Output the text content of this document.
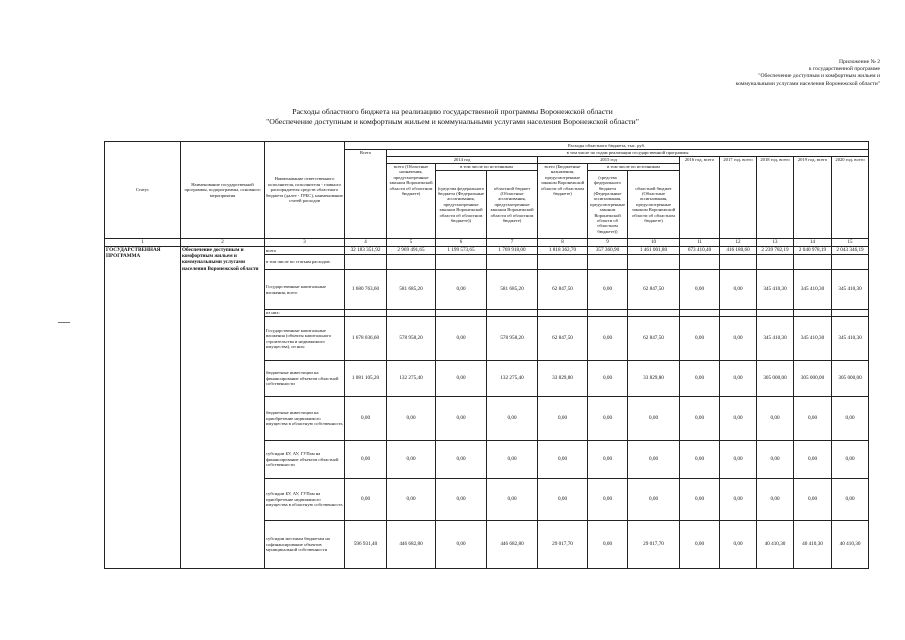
Приложение № 2
к государственной программе
"Обеспечение доступным и комфортным жильем и
коммунальными услугами населения Воронежской области"
Расходы областного бюджета на реализацию государственной программы Воронежской области
"Обеспечение доступным и комфортным жильем и коммунальными услугами населения Воронежской области"
Статус	Наименование государственной программы, подпрограммы, основного мероприятия	Наименование ответственного исполнителя, исполнителя - главного распорядителя средств областного бюджета (далее - ГРБС), наименование статей расходов	Расходы областного бюджета, тыс. руб.											
			Всего	в том числе по годам реализации государственной программы										
				2014 год			2015 год			2016 год, всего	2017 год, всего	2018 год, всего	2019 год, всего	2020 год, всего
				всего (Областные назначения, предусмотренные законом Воронежской области об областном бюджете)	в том числе по источникам		всего (Бюджетные назначения, предусмотренные законом Воронежской области об областном бюджете)	в том числе по источникам						
					(средства федерального бюджета (Федеральные ассигнования, предусмотренные законом Воронежской области об областном бюджете))	областной бюджет (Областные ассигнования, предусмотренные законом Воронежской области об областном бюджете)		(средства федерального бюджета (Федеральные ассигнования, предусмотренные законом Воронежской области об областном бюджете))	областной бюджет (Областные ассигнования, предусмотренные законом Воронежской области об областном бюджете)					
1	2	3	4	5	6	7	8	9	10	11	12	13	14	15
ГОСУДАРСТВЕННАЯ ПРОГРАММА	Обеспечение доступным и комфортным жильем и коммунальными услугами населения Воронежской области	всего	32 183 351,92	2 969 491,65	1 199 573,65	1 769 918,00	1 818 362,70	357 360,90	1 461 001,80	673 410,40	416 180,60	2 239 782,19	2 040 978,19	2 043 346,19
		в том числе по статьям расходов:												
		Государственные капитальные вложения, всего	1 680 763,60	581 685,20	0,00	581 685,20	62 847,50	0,00	62 847,50	0,00	0,00	345 410,30	345 410,30	345 410,30
		из них:												
		Государственные капитальные вложения (объекты капитального строительства и недвижимого имущества), из них:	1 678 036,60	578 958,20	0,00	578 958,20	62 847,50	0,00	62 847,50	0,00	0,00	345 410,30	345 410,30	345 410,30
		бюджетные инвестиции на финансирование объектов областной собственности	1 081 105,20	132 275,40	0,00	132 275,40	33 829,80	0,00	33 829,80	0,00	0,00	305 000,00	305 000,00	305 000,00
		бюджетные инвестиции на приобретение недвижимого имущества в областную собственность	0,00	0,00	0,00	0,00	0,00	0,00	0,00	0,00	0,00	0,00	0,00	0,00
		субсидии БУ, АУ, ГУПам на финансирование объектов областной собственности	0,00	0,00	0,00	0,00	0,00	0,00	0,00	0,00	0,00	0,00	0,00	0,00
		субсидии БУ, АУ, ГУПам на приобретение недвижимого имущества в областную собственность	0,00	0,00	0,00	0,00	0,00	0,00	0,00	0,00	0,00	0,00	0,00	0,00
		субсидии местным бюджетам на софинансирование объектов муниципальной собственности	596 931,40	446 682,80	0,00	446 682,80	29 017,70	0,00	29 017,70	0,00	0,00	40 410,30	40 410,30	40 410,30
